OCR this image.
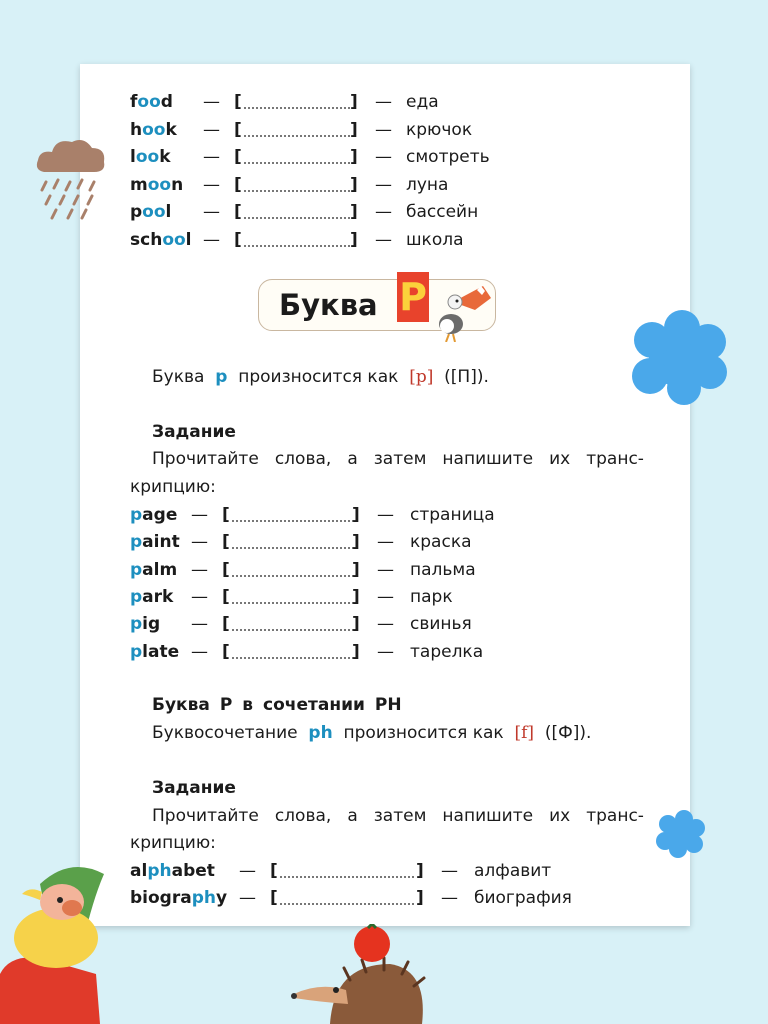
food — [	] — еда
hook — [	] — крючок
look — [	] — смотреть
moon — [	] — луна
pool — [	] — бассейн
school — [	] — школа
Буква P
Буква p произносится как [p] ([П]).
Задание
Прочитайте слова, а затем напишите их транс-
крипцию:
page — [	] — страница
paint — [	] — краска
palm — [	] — пальма
park — [	] — парк
pig — [	] — свинья
plate — [	] — тарелка
Буква P в сочетании PH
Буквосочетание ph произносится как [f] ([Ф]).
Задание
Прочитайте слова, а затем напишите их транс-
крипцию:
alphabet — [	] — алфавит
biography — [	] — биография
